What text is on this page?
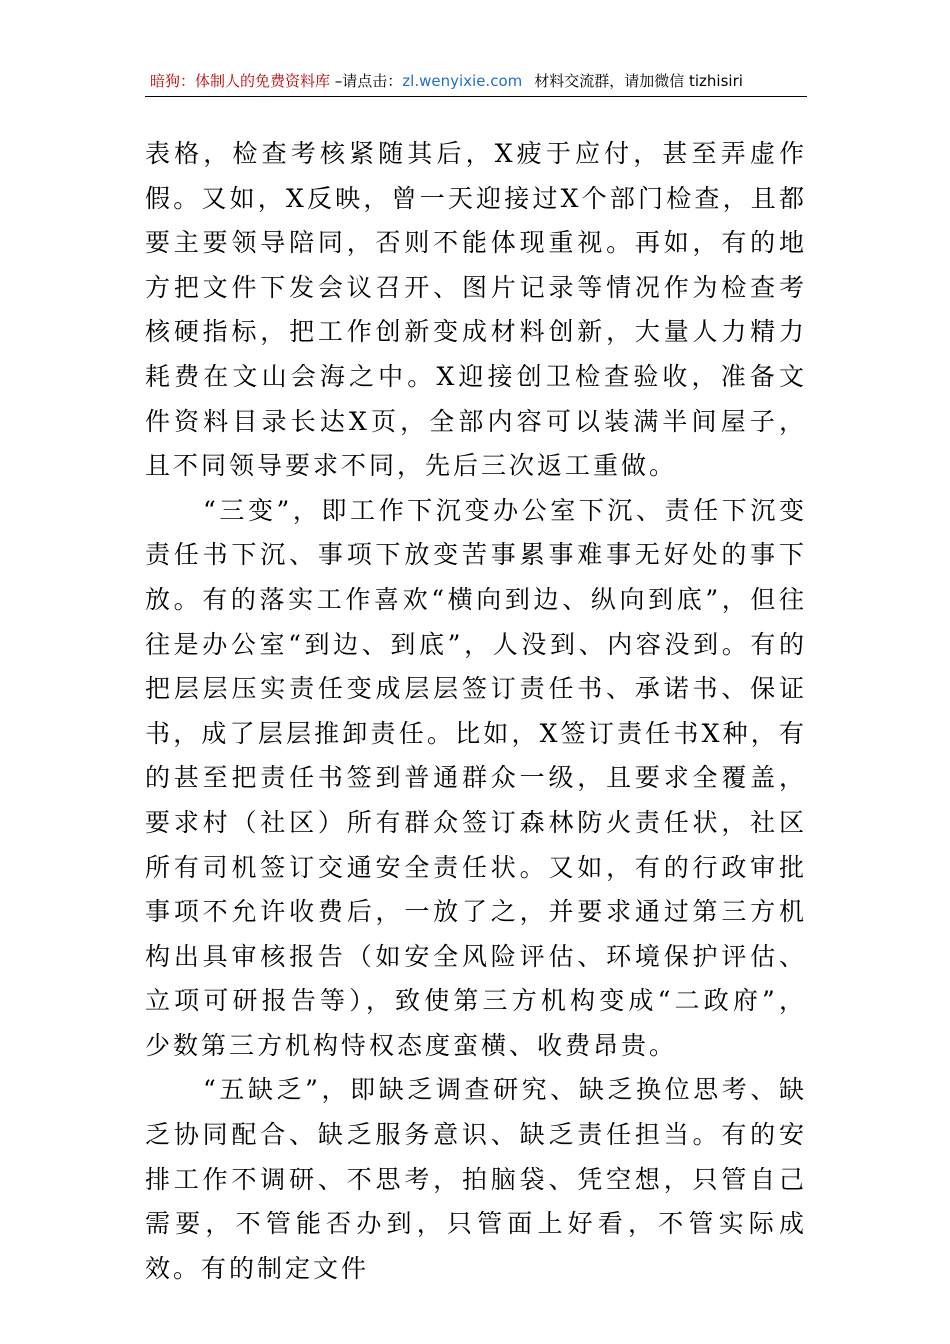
暗狗：体制人的免费资料库 –请点击：zl.wenyixie.com 材料交流群，请加微信 tizhisiri

表格，检查考核紧随其后，X疲于应付，甚至弄虚作假。又如，X反映，曾一天迎接过X个部门检查，且都要主要领导陪同，否则不能体现重视。再如，有的地方把文件下发会议召开、图片记录等情况作为检查考核硬指标，把工作创新变成材料创新，大量人力精力耗费在文山会海之中。X迎接创卫检查验收，准备文件资料目录长达X页，全部内容可以装满半间屋子，且不同领导要求不同，先后三次返工重做。

“三变”，即工作下沉变办公室下沉、责任下沉变责任书下沉、事项下放变苦事累事难事无好处的事下放。有的落实工作喜欢“横向到边、纵向到底”，但往往是办公室“到边、到底”，人没到、内容没到。有的把层层压实责任变成层层签订责任书、承诺书、保证书，成了层层推卸责任。比如，X签订责任书X种，有的甚至把责任书签到普通群众一级，且要求全覆盖，要求村（社区）所有群众签订森林防火责任状，社区所有司机签订交通安全责任状。又如，有的行政审批事项不允许收费后，一放了之，并要求通过第三方机构出具审核报告（如安全风险评估、环境保护评估、立项可研报告等），致使第三方机构变成“二政府”，少数第三方机构恃权态度蛮横、收费昂贵。

“五缺乏”，即缺乏调查研究、缺乏换位思考、缺乏协同配合、缺乏服务意识、缺乏责任担当。有的安排工作不调研、不思考，拍脑袋、凭空想，只管自己需要，不管能否办到，只管面上好看，不管实际成效。有的制定文件
